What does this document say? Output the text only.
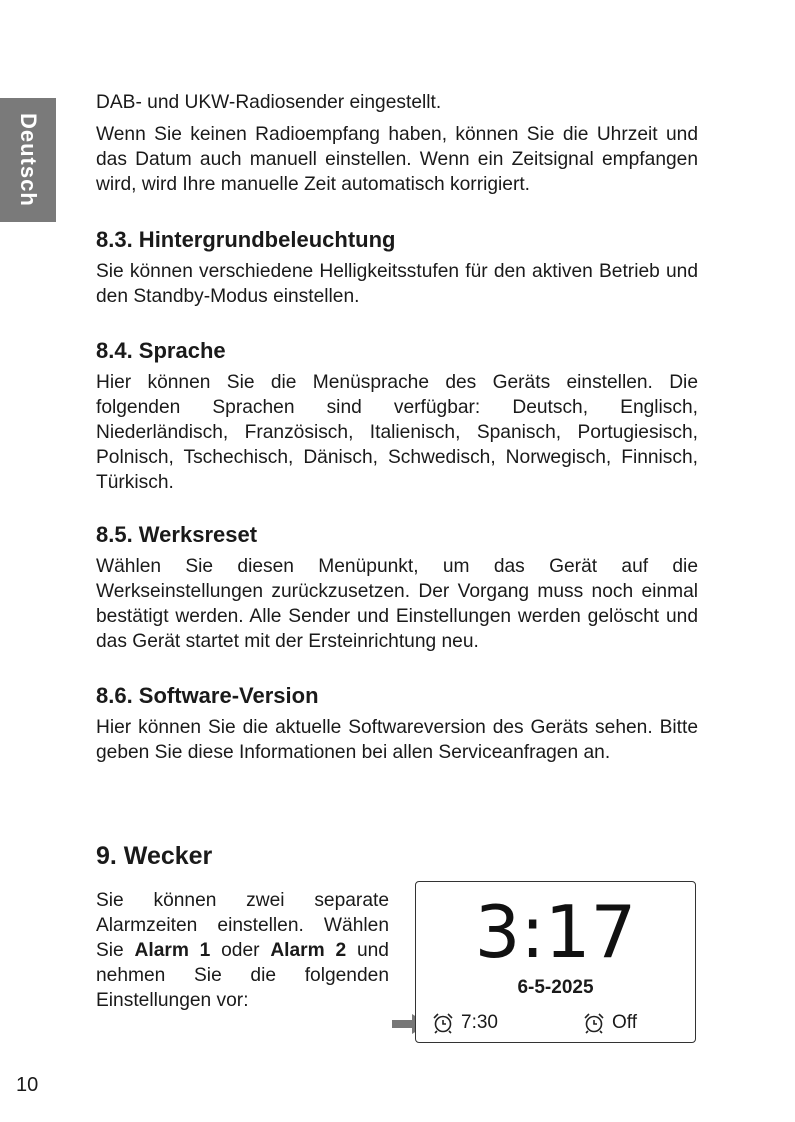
Deutsch

DAB- und UKW-Radiosender eingestellt.

Wenn Sie keinen Radioempfang haben, können Sie die Uhrzeit und das Datum auch manuell einstellen. Wenn ein Zeitsignal empfangen wird, wird Ihre manuelle Zeit automatisch korrigiert.

8.3. Hintergrundbeleuchtung

Sie können verschiedene Helligkeitsstufen für den aktiven Betrieb und den Standby-Modus einstellen.

8.4. Sprache

Hier können Sie die Menüsprache des Geräts einstellen. Die folgenden Sprachen sind verfügbar: Deutsch, Englisch, Niederländisch, Französisch, Italienisch, Spanisch, Portugiesisch, Polnisch, Tschechisch, Dänisch, Schwedisch, Norwegisch, Finnisch, Türkisch.

8.5. Werksreset

Wählen Sie diesen Menüpunkt, um das Gerät auf die Werkseinstellungen zurückzusetzen. Der Vorgang muss noch einmal bestätigt werden. Alle Sender und Einstellungen werden gelöscht und das Gerät startet mit der Ersteinrichtung neu.

8.6. Software-Version

Hier können Sie die aktuelle Softwareversion des Geräts sehen. Bitte geben Sie diese Informationen bei allen Serviceanfragen an.

9. Wecker

Sie können zwei separate Alarmzeiten einstellen. Wählen Sie Alarm 1 oder Alarm 2 und nehmen Sie die folgenden Einstellungen vor:

3:17
6-5-2025
7:30	Off
10
